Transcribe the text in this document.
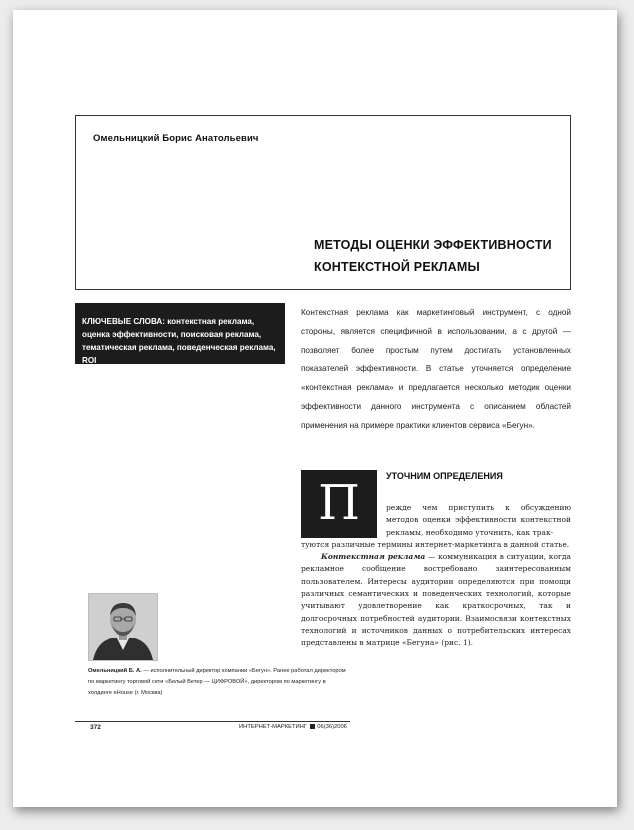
Омельницкий Борис Анатольевич
МЕТОДЫ ОЦЕНКИ ЭФФЕКТИВНОСТИ
КОНТЕКСТНОЙ РЕКЛАМЫ
КЛЮЧЕВЫЕ СЛОВА: контекстная реклама, оценка эффективности, поисковая реклама, тематическая реклама, поведенческая реклама, ROI
Контекстная реклама как маркетинговый инструмент, с одной стороны, является специфичной в использовании, а с другой — позволяет более простым путем достигать установленных показателей эффективности. В статье уточняется определение «контекстная реклама» и предлагается несколько методик оценки эффективности данного инструмента с описанием областей применения на примере практики клиентов сервиса «Бегун».
П	УТОЧНИМ ОПРЕДЕЛЕНИЯ

режде чем приступить к обсуждению методов оценки эффективности контекстной рекламы, необходимо уточнить, как трак-

туются различные термины интернет-маркетинга в данной статье.

Контекстная реклама — коммуникация в ситуации, когда рекламное сообщение востребовано заинтересованным пользователем. Интересы аудитории определяются при помощи различных семантических и поведенческих технологий, которые учитывают удовлетворение как краткосрочных, так и долгосрочных потребностей аудитории. Взаимосвязи контекстных технологий и источников данных о потребительских интересах представлены в матрице «Бегуна» (рис. 1).

Омельницкий Б. А. — исполнительный директор компании «Бегун». Ранее работал директором по маркетингу торговой сети «Белый Ветер — ЦИФРОВОЙ», директором по маркетингу в холдинге eHouse (г. Москва)
372	ИНТЕРНЕТ-МАРКЕТИНГ 06(36)2006
